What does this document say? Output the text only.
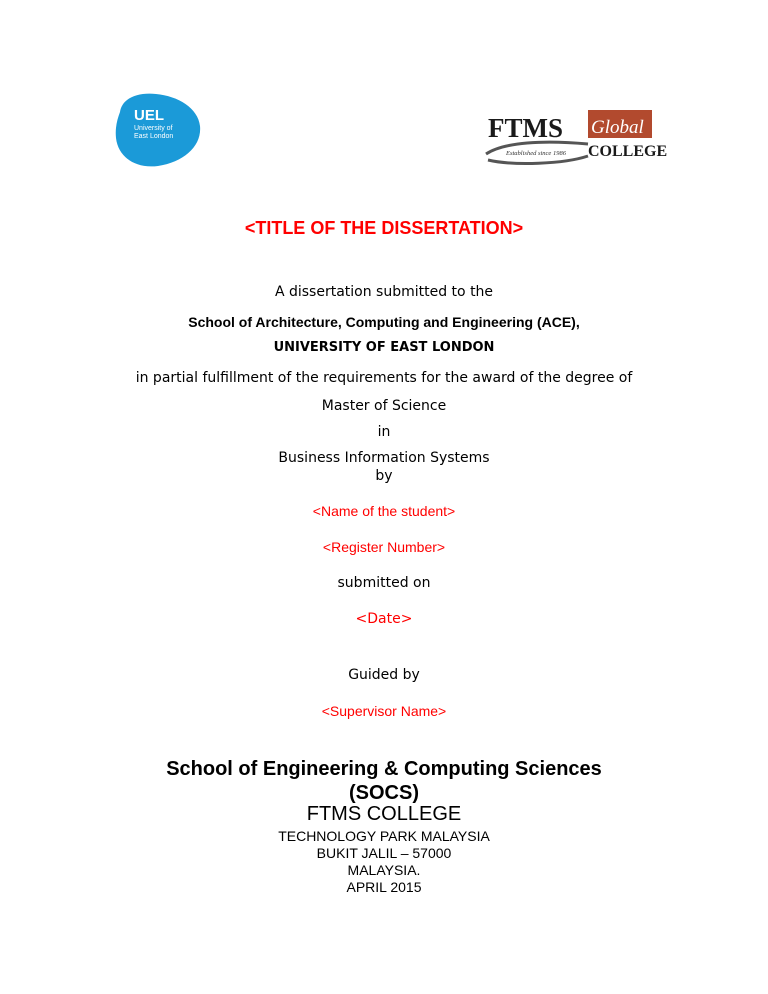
UEL
University of
East London	FTMS Global
Established since 1986 COLLEGE
<TITLE OF THE DISSERTATION>
A dissertation submitted to the
School of Architecture, Computing and Engineering (ACE),
UNIVERSITY OF EAST LONDON
in partial fulfillment of the requirements for the award of the degree of
Master of Science
in
Business Information Systems
by
<Name of the student>
<Register Number>
submitted on
<Date>
Guided by
<Supervisor Name>
School of Engineering & Computing Sciences
(SOCS)
FTMS COLLEGE
TECHNOLOGY PARK MALAYSIA
BUKIT JALIL – 57000
MALAYSIA.
APRIL 2015
